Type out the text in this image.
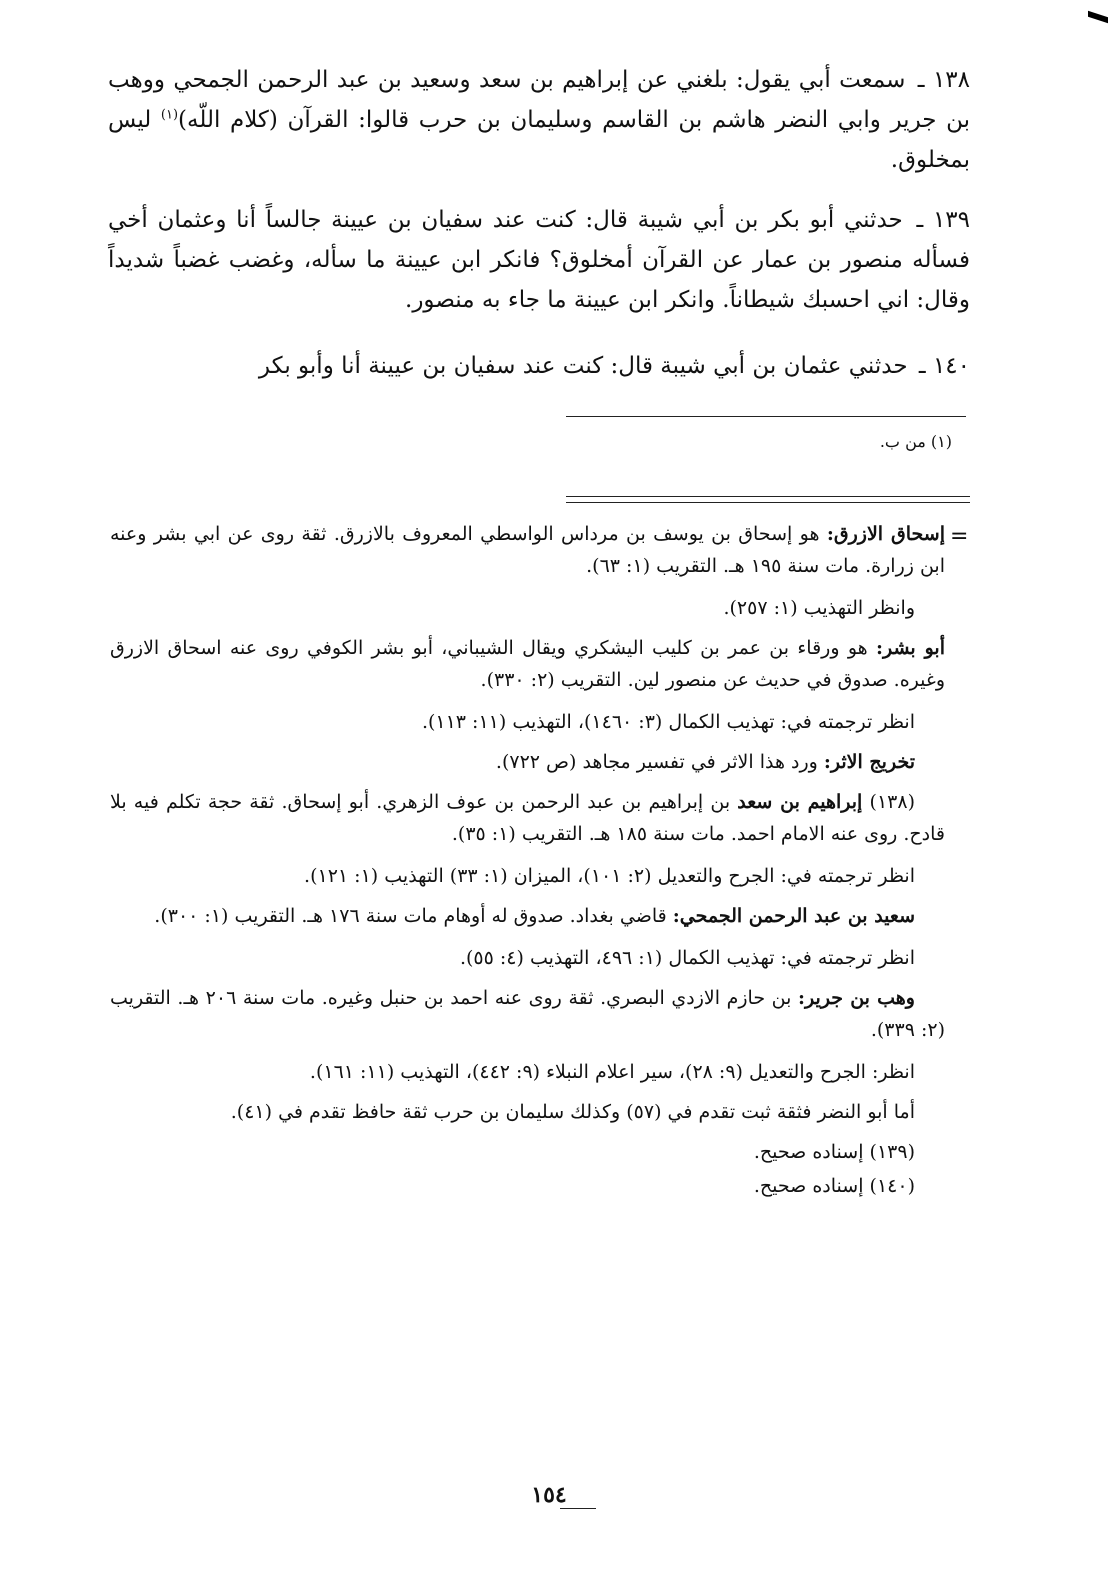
١٣٨ ـ سمعت أبي يقول: بلغني عن إبراهيم بن سعد وسعيد بن عبد الرحمن الجمحي ووهب بن جرير وابي النضر هاشم بن القاسم وسليمان بن حرب قالوا: القرآن (كلام اللّه)$^{(١)}$ ليس بمخلوق.

١٣٩ ـ حدثني أبو بكر بن أبي شيبة قال: كنت عند سفيان بن عيينة جالساً أنا وعثمان أخي فسأله منصور بن عمار عن القرآن أمخلوق؟ فانكر ابن عيينة ما سأله، وغضب غضباً شديداً وقال: اني احسبك شيطاناً. وانكر ابن عيينة ما جاء به منصور.

١٤٠ ـ حدثني عثمان بن أبي شيبة قال: كنت عند سفيان بن عيينة أنا وأبو بكر

(١) من ب.
=

إسحاق الازرق: هو إسحاق بن يوسف بن مرداس الواسطي المعروف بالازرق. ثقة روى عن ابي بشر وعنه ابن زرارة. مات سنة ١٩٥ هـ. التقريب (١: ٦٣).

وانظر التهذيب (١: ٢٥٧).

أبو بشر: هو ورقاء بن عمر بن كليب اليشكري ويقال الشيباني، أبو بشر الكوفي روى عنه اسحاق الازرق وغيره. صدوق في حديث عن منصور لين. التقريب (٢: ٣٣٠).

انظر ترجمته في: تهذيب الكمال (٣: ١٤٦٠)، التهذيب (١١: ١١٣).

تخريج الاثر: ورد هذا الاثر في تفسير مجاهد (ص ٧٢٢).

(١٣٨) إبراهيم بن سعد بن إبراهيم بن عبد الرحمن بن عوف الزهري. أبو إسحاق. ثقة حجة تكلم فيه بلا قادح. روى عنه الامام احمد. مات سنة ١٨٥ هـ. التقريب (١: ٣٥).

انظر ترجمته في: الجرح والتعديل (٢: ١٠١)، الميزان (١: ٣٣) التهذيب (١: ١٢١).

سعيد بن عبد الرحمن الجمحي: قاضي بغداد. صدوق له أوهام مات سنة ١٧٦ هـ. التقريب (١: ٣٠٠).

انظر ترجمته في: تهذيب الكمال (١: ٤٩٦، التهذيب (٤: ٥٥).

وهب بن جرير: بن حازم الازدي البصري. ثقة روى عنه احمد بن حنبل وغيره. مات سنة ٢٠٦ هـ. التقريب (٢: ٣٣٩).

انظر: الجرح والتعديل (٩: ٢٨)، سير اعلام النبلاء (٩: ٤٤٢)، التهذيب (١١: ١٦١).

أما أبو النضر فثقة ثبت تقدم في (٥٧) وكذلك سليمان بن حرب ثقة حافظ تقدم في (٤١).

(١٣٩) إسناده صحيح.

(١٤٠) إسناده صحيح.

١٥٤
